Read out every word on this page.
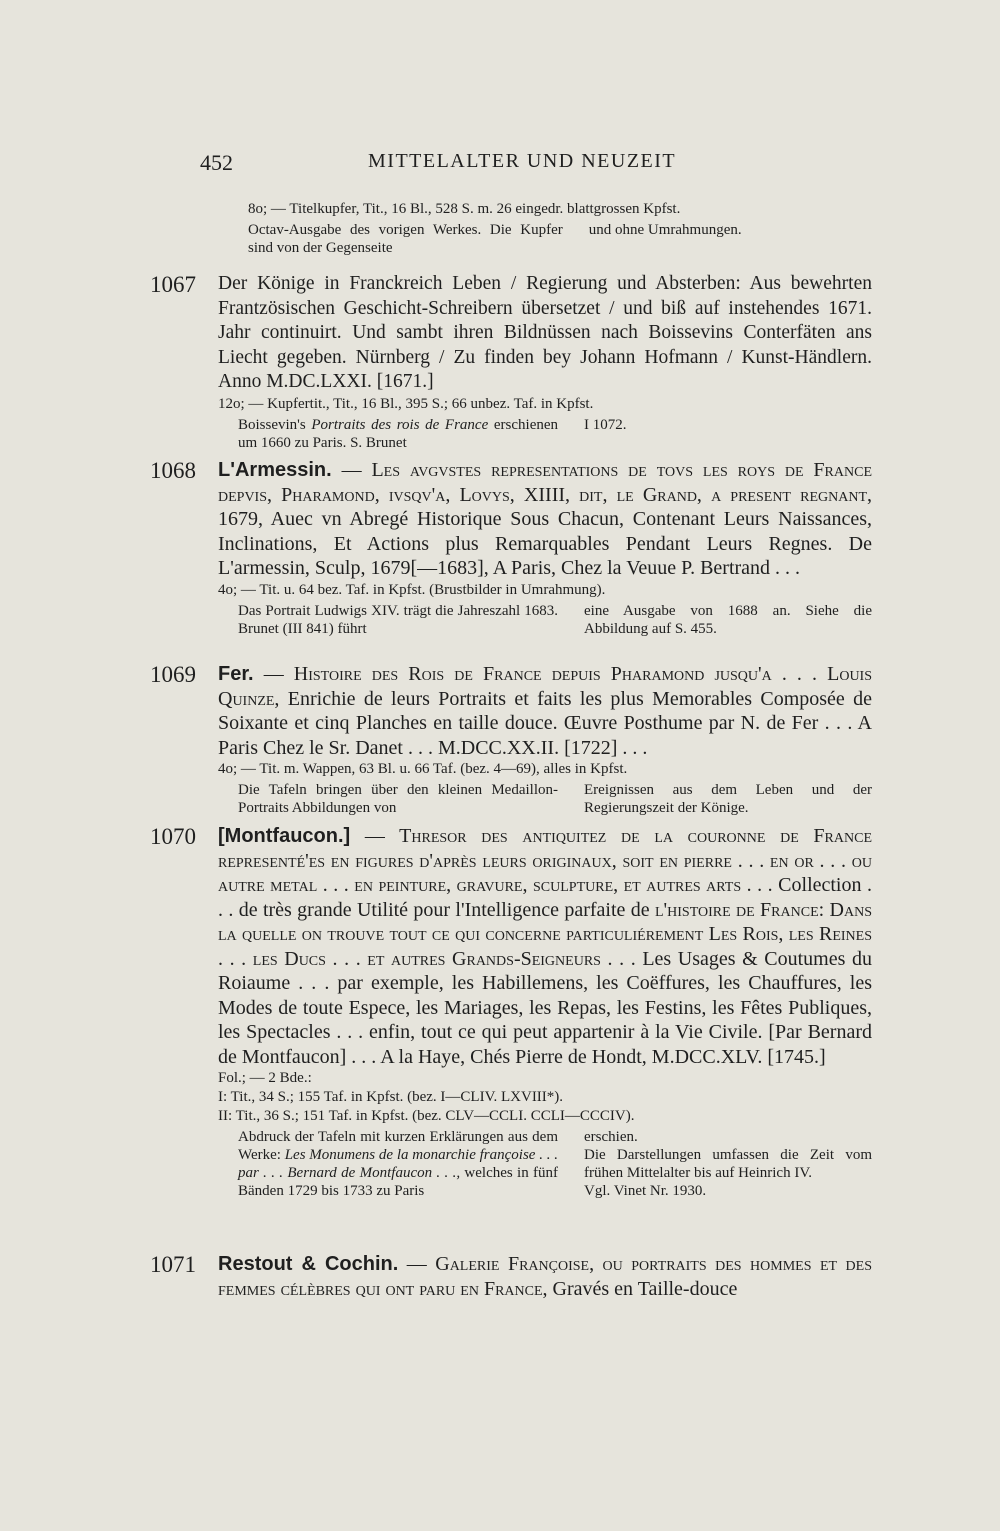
452	MITTELALTER UND NEUZEIT

8o; — Titelkupfer, Tit., 16 Bl., 528 S. m. 26 eingedr. blattgrossen Kpfst.

Octav-Ausgabe des vorigen Werkes. Die Kupfer sind von der Gegenseite
und ohne Umrahmungen.
1067 Der Könige in Franckreich Leben / Regierung und Absterben: Aus bewehrten Frantzösischen Geschicht-Schreibern übersetzet / und biß auf instehendes 1671. Jahr continuirt. Und sambt ihren Bildnüssen nach Boissevins Conterfäten ans Liecht gegeben. Nürnberg / Zu finden bey Johann Hofmann / Kunst-Händlern. Anno M.DC.LXXI. [1671.]

12o; — Kupfertit., Tit., 16 Bl., 395 S.; 66 unbez. Taf. in Kpfst.

Boissevin's Portraits des rois de France erschienen um 1660 zu Paris. S. Brunet
I 1072.
1068 L'Armessin. — Les avgvstes representations de tovs les roys de France depvis, Pharamond, ivsqv'a, Lovys, XIIII, dit, le Grand, a present regnant, 1679, Auec vn Abregé Historique Sous Chacun, Contenant Leurs Naissances, Inclinations, Et Actions plus Remarquables Pendant Leurs Regnes. De L'armessin, Sculp, 1679[—1683], A Paris, Chez la Veuue P. Bertrand . . .

4o; — Tit. u. 64 bez. Taf. in Kpfst. (Brustbilder in Umrahmung).

Das Portrait Ludwigs XIV. trägt die Jahreszahl 1683. Brunet (III 841) führt
eine Ausgabe von 1688 an. Siehe die Abbildung auf S. 455.
1069 Fer. — Histoire des Rois de France depuis Pharamond jusqu'a . . . Louis Quinze, Enrichie de leurs Portraits et faits les plus Memorables Composée de Soixante et cinq Planches en taille douce. Œuvre Posthume par N. de Fer . . . A Paris Chez le Sr. Danet . . . M.DCC.XX.II. [1722] . . .

4o; — Tit. m. Wappen, 63 Bl. u. 66 Taf. (bez. 4—69), alles in Kpfst.

Die Tafeln bringen über den kleinen Medaillon-Portraits Abbildungen von
Ereignissen aus dem Leben und der Regierungszeit der Könige.
1070 [Montfaucon.] — Thresor des antiquitez de la couronne de France representé'es en figures d'après leurs originaux, soit en pierre . . . en or . . . ou autre metal . . . en peinture, gravure, sculpture, et autres arts . . . Collection . . . de très grande Utilité pour l'Intelligence parfaite de l'histoire de France: Dans la quelle on trouve tout ce qui concerne particuliérement Les Rois, les Reines . . . les Ducs . . . et autres Grands-Seigneurs . . . Les Usages & Coutumes du Roiaume . . . par exemple, les Habillemens, les Coëffures, les Chauffures, les Modes de toute Espece, les Mariages, les Repas, les Festins, les Fêtes Publiques, les Spectacles . . . enfin, tout ce qui peut appartenir à la Vie Civile. [Par Bernard de Montfaucon] . . . A la Haye, Chés Pierre de Hondt, M.DCC.XLV. [1745.]

Fol.; — 2 Bde.:

I: Tit., 34 S.; 155 Taf. in Kpfst. (bez. I—CLIV. LXVIII*).

II: Tit., 36 S.; 151 Taf. in Kpfst. (bez. CLV—CCLI. CCLI—CCCIV).

Abdruck der Tafeln mit kurzen Erklärungen aus dem Werke: Les Monumens de la monarchie françoise . . . par . . . Bernard de Montfaucon . . ., welches in fünf Bänden 1729 bis 1733 zu Paris
erschien.
Die Darstellungen umfassen die Zeit vom frühen Mittelalter bis auf Heinrich IV.
Vgl. Vinet Nr. 1930.
1071 Restout & Cochin. — Galerie Françoise, ou portraits des hommes et des femmes célèbres qui ont paru en France, Gravés en Taille-douce
